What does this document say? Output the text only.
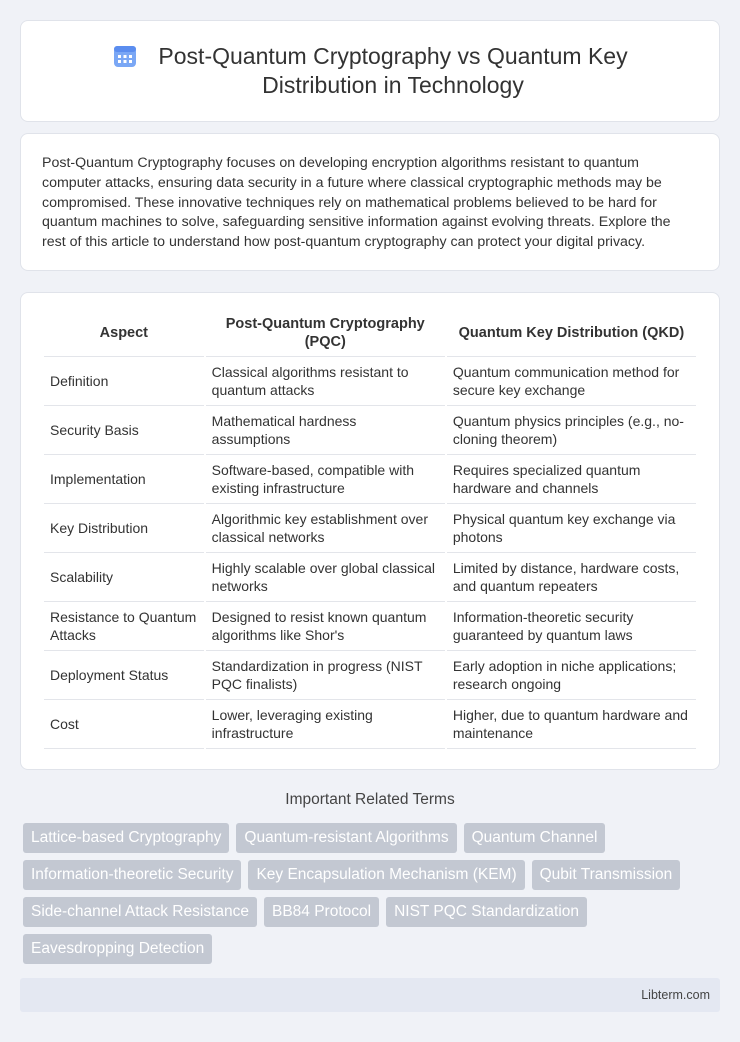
Post-Quantum Cryptography vs Quantum Key
Distribution in Technology

Post-Quantum Cryptography focuses on developing encryption algorithms resistant to quantum computer attacks, ensuring data security in a future where classical cryptographic methods may be compromised. These innovative techniques rely on mathematical problems believed to be hard for quantum machines to solve, safeguarding sensitive information against evolving threats. Explore the rest of this article to understand how post-quantum cryptography can protect your digital privacy.

Aspect	Post-Quantum Cryptography (PQC)	Quantum Key Distribution (QKD)
Definition	Classical algorithms resistant to quantum attacks	Quantum communication method for secure key exchange
Security Basis	Mathematical hardness assumptions	Quantum physics principles (e.g., no-cloning theorem)
Implementation	Software-based, compatible with existing infrastructure	Requires specialized quantum hardware and channels
Key Distribution	Algorithmic key establishment over classical networks	Physical quantum key exchange via photons
Scalability	Highly scalable over global classical networks	Limited by distance, hardware costs, and quantum repeaters
Resistance to Quantum Attacks	Designed to resist known quantum algorithms like Shor's	Information-theoretic security guaranteed by quantum laws
Deployment Status	Standardization in progress (NIST PQC finalists)	Early adoption in niche applications; research ongoing
Cost	Lower, leveraging existing infrastructure	Higher, due to quantum hardware and maintenance
Important Related Terms
Lattice-based Cryptography	Quantum-resistant Algorithms	Quantum Channel
Information-theoretic Security	Key Encapsulation Mechanism (KEM)	Qubit Transmission
Side-channel Attack Resistance	BB84 Protocol	NIST PQC Standardization
Eavesdropping Detection
Libterm.com
